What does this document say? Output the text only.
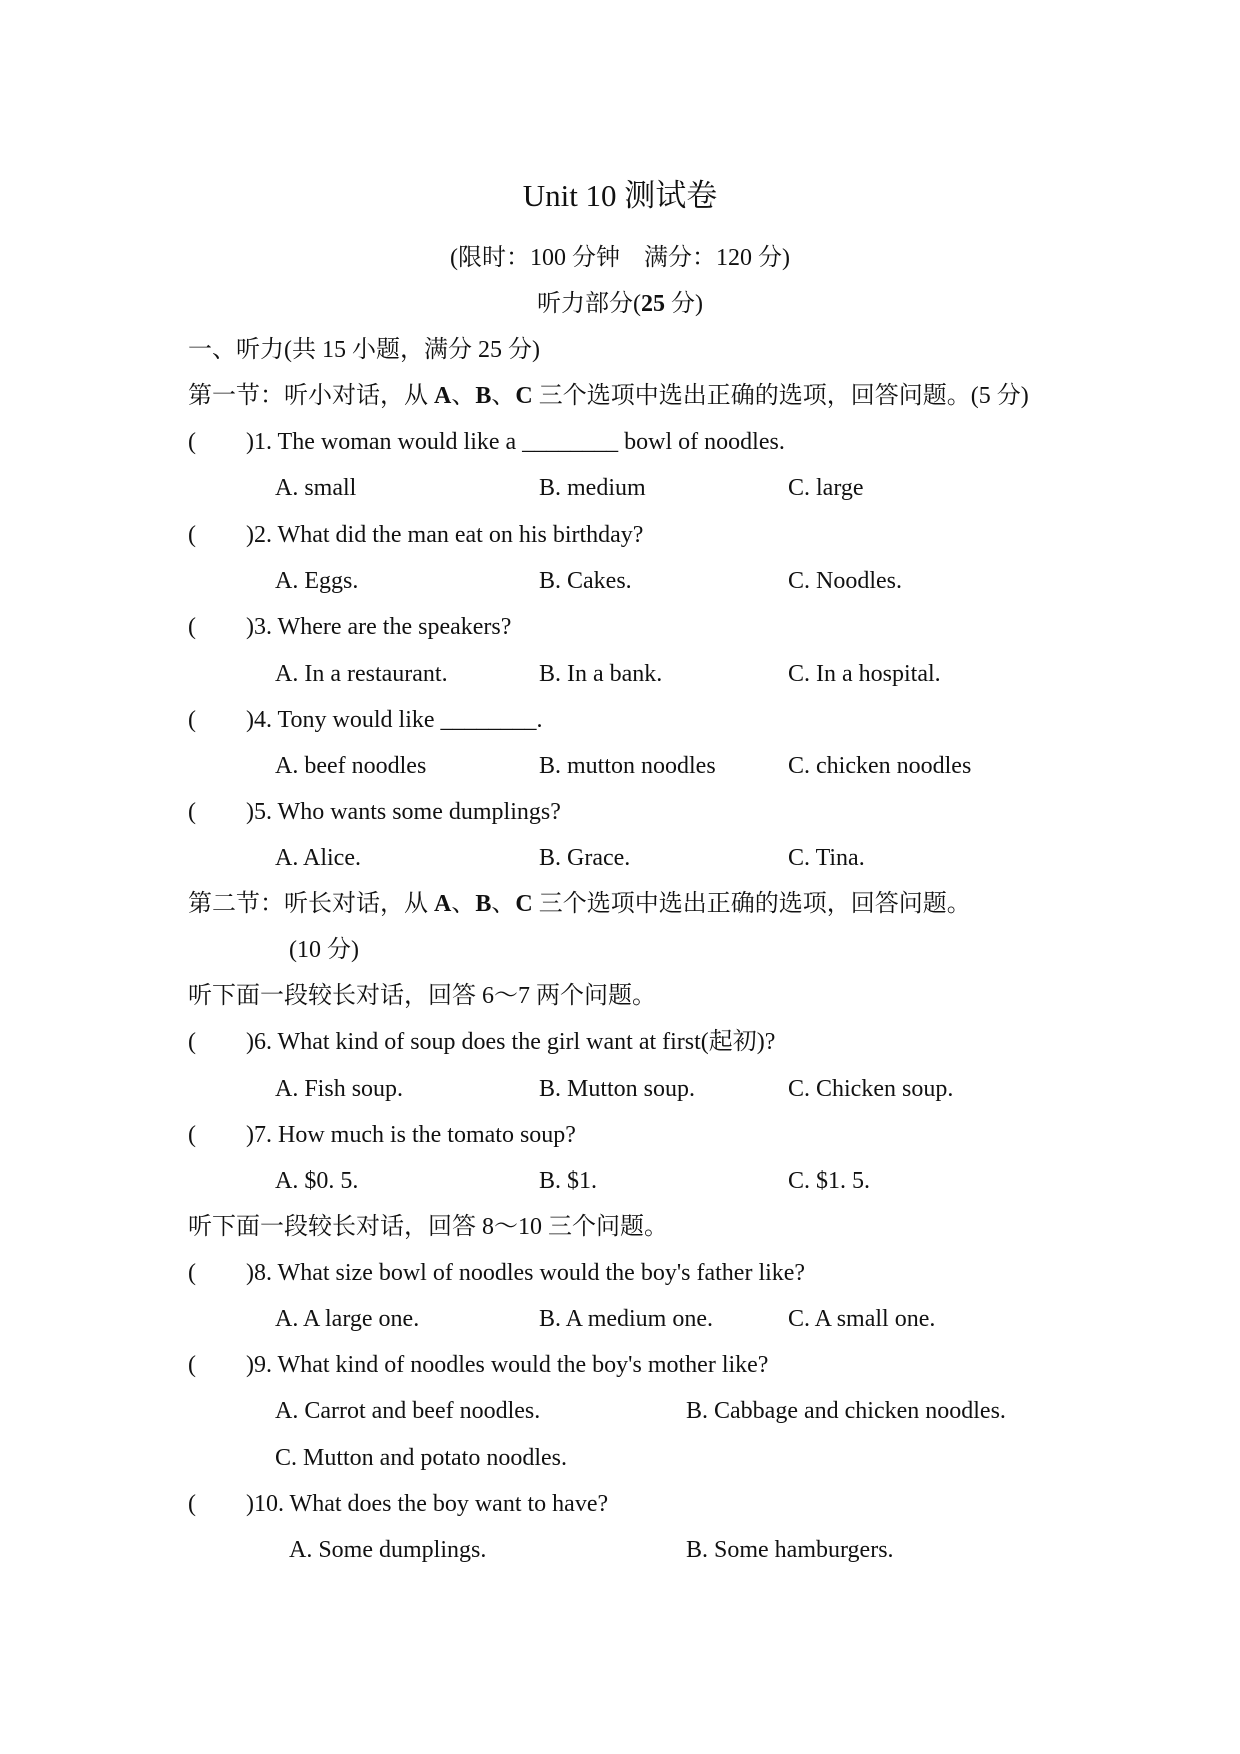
Unit 10 测试卷
(限时：100 分钟　满分：120 分)
听力部分(25 分)
一、听力(共 15 小题，满分 25 分)
第一节：听小对话，从 A、B、C 三个选项中选出正确的选项，回答问题。(5 分)
( )1. The woman would like a ________ bowl of noodles.
A. small	B. medium	C. large
( )2. What did the man eat on his birthday?
A. Eggs.	B. Cakes.	C. Noodles.
( )3. Where are the speakers?
A. In a restaurant.	B. In a bank.	C. In a hospital.
( )4. Tony would like ________.
A. beef noodles	B. mutton noodles	C. chicken noodles
( )5. Who wants some dumplings?
A. Alice.	B. Grace.	C. Tina.
第二节：听长对话，从 A、B、C 三个选项中选出正确的选项，回答问题。
(10 分)
听下面一段较长对话，回答 6～7 两个问题。
( )6. What kind of soup does the girl want at first(起初)?
A. Fish soup.	B. Mutton soup.	C. Chicken soup.
( )7. How much is the tomato soup?
A. $0. 5.	B. $1.	C. $1. 5.
听下面一段较长对话，回答 8～10 三个问题。
( )8. What size bowl of noodles would the boy's father like?
A. A large one.	B. A medium one.	C. A small one.
( )9. What kind of noodles would the boy's mother like?
A. Carrot and beef noodles.	B. Cabbage and chicken noodles.
C. Mutton and potato noodles.
( )10. What does the boy want to have?
A. Some dumplings.	B. Some hamburgers.
